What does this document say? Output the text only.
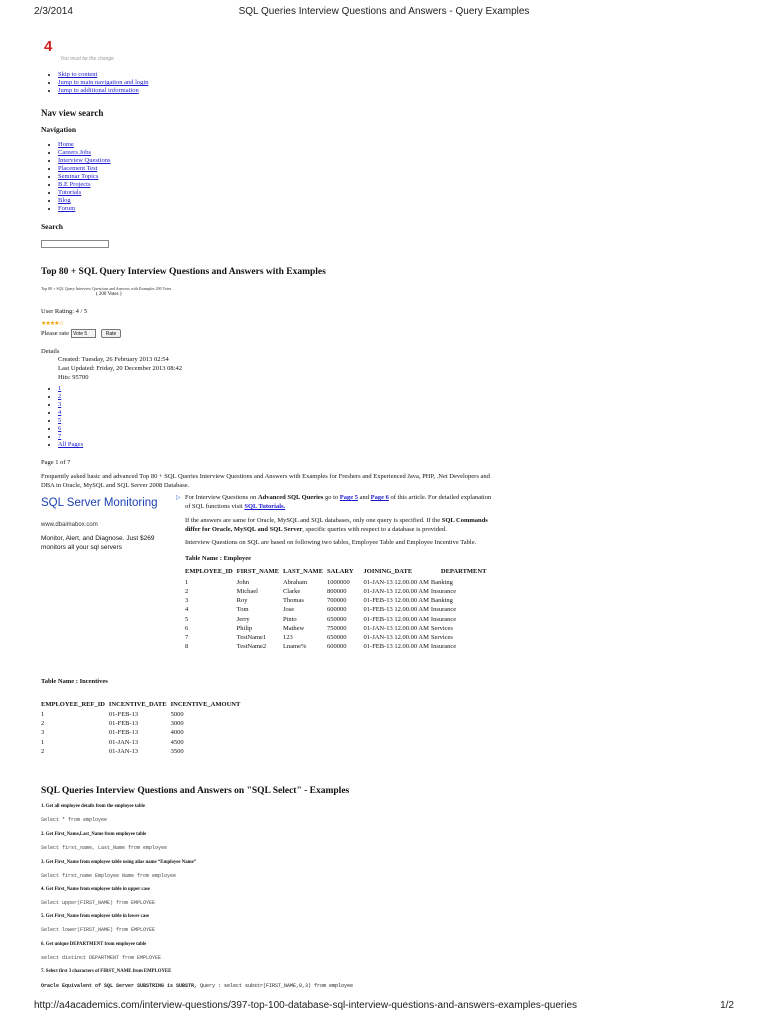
2/3/2014	SQL Queries Interview Questions and Answers - Query Examples
4
You must be the change
• Skip to content
• Jump to main navigation and login
• Jump to additional information
Nav view search
Navigation
• Home
• Careers Jobs
• Interview Questions
• Placement Test
• Seminar Topics
• B.E Projects
• Tutorials
• Blog
• Forum
Search
Top 80 + SQL Query Interview Questions and Answers with Examples
Top 80 + SQL Query Interview Questions and Answers with Examples 200 Votes
( 200 Votes )
User Rating: 4 / 5
★★★★☆
Please rate Vote 5	Rate
Details
Created: Tuesday, 26 February 2013 02:54
Last Updated: Friday, 20 December 2013 08:42
Hits: 95700
• 1
• 2
• 3
• 4
• 5
• 6
• 7
• All Pages
Page 1 of 7
Frequently asked basic and advanced Top 80 + SQL Queries Interview Questions and Answers with Examples for Freshers and Experienced Java, PHP, .Net Developers and DBA in Oracle, MySQL and SQL Server 2008 Database.
SQL Server Monitoring
www.dbaimabox.com
Monitor, Alert, and Diagnose. Just $269 monitors all your sql servers
▷ For Interview Questions on Advanced SQL Queries go to Page 5 and Page 6 of this article. For detailed explanation of SQL functions visit SQL Tutorials.
If the answers are same for Oracle, MySQL and SQL databases, only one query is specified. If the SQL Commands differ for Oracle, MySQL and SQL Server, specific queries with respect to a database is provided.
Interview Questions on SQL are based on following two tables, Employee Table and Employee Incentive Table.
Table Name : Employee
EMPLOYEE_ID	FIRST_NAME	LAST_NAME	SALARY	JOINING_DATE	DEPARTMENT
1	John	Abraham	1000000	01-JAN-13 12.00.00 AM	Banking
2	Michael	Clarke	800000	01-JAN-13 12.00.00 AM	Insurance
3	Roy	Thomas	700000	01-FEB-13 12.00.00 AM	Banking
4	Tom	Jose	600000	01-FEB-13 12.00.00 AM	Insurance
5	Jerry	Pinto	650000	01-FEB-13 12.00.00 AM	Insurance
6	Philip	Mathew	750000	01-JAN-13 12.00.00 AM	Services
7	TestName1	123	650000	01-JAN-13 12.00.00 AM	Services
8	TestName2	Lname%	600000	01-FEB-13 12.00.00 AM	Insurance
Table Name : Incentives
EMPLOYEE_REF_ID	INCENTIVE_DATE	INCENTIVE_AMOUNT
1	01-FEB-13	5000
2	01-FEB-13	3000
3	01-FEB-13	4000
1	01-JAN-13	4500
2	01-JAN-13	3500
SQL Queries Interview Questions and Answers on "SQL Select" - Examples
1. Get all employee details from the employee table
Select * from employee
2. Get First_Name,Last_Name from employee table
Select first_name, Last_Name from employee
3. Get First_Name from employee table using alias name “Employee Name”
Select first_name Employee Name from employee
4. Get First_Name from employee table in upper case
Select upper(FIRST_NAME) from EMPLOYEE
5. Get First_Name from employee table in lower case
Select lower(FIRST_NAME) from EMPLOYEE
6. Get unique DEPARTMENT from employee table
select distinct DEPARTMENT from EMPLOYEE
7. Select first 3 characters of FIRST_NAME from EMPLOYEE
Oracle Equivalent of SQL Server SUBSTRING is SUBSTR, Query : select substr(FIRST_NAME,0,3) from employee
http://a4academics.com/interview-questions/397-top-100-database-sql-interview-questions-and-answers-examples-queries	1/2
